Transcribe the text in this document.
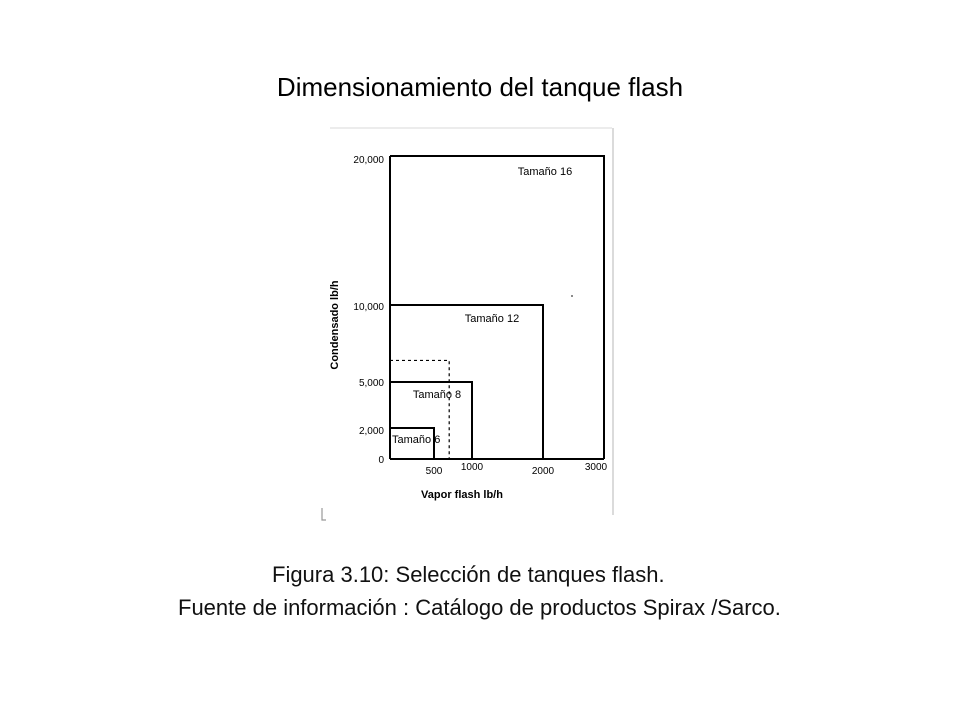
Dimensionamiento del tanque flash
Tamaño 6
Tamaño 8
Tamaño 12
Tamaño 16
20,000
10,000
5,000
2,000
0
500 1000	2000	3000
Vapor flash lb/h
Condensado lb/h
Figura 3.10: Selección de tanques flash.
Fuente de información : Catálogo de productos Spirax /Sarco.
